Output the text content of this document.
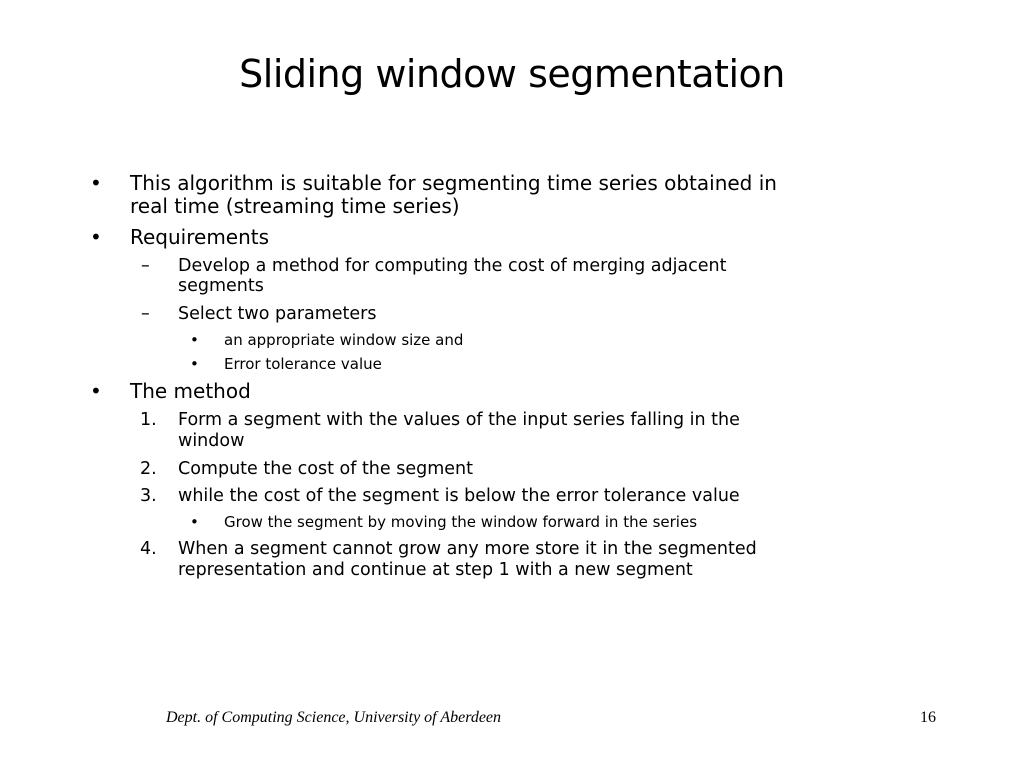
Sliding window segmentation
• This algorithm is suitable for segmenting time series obtained in
real time (streaming time series)
• Requirements
– Develop a method for computing the cost of merging adjacent
segments
– Select two parameters
• an appropriate window size and
• Error tolerance value
• The method
1. Form a segment with the values of the input series falling in the
window
2. Compute the cost of the segment
3. while the cost of the segment is below the error tolerance value
• Grow the segment by moving the window forward in the series
4. When a segment cannot grow any more store it in the segmented
representation and continue at step 1 with a new segment
Dept. of Computing Science, University of Aberdeen	16
